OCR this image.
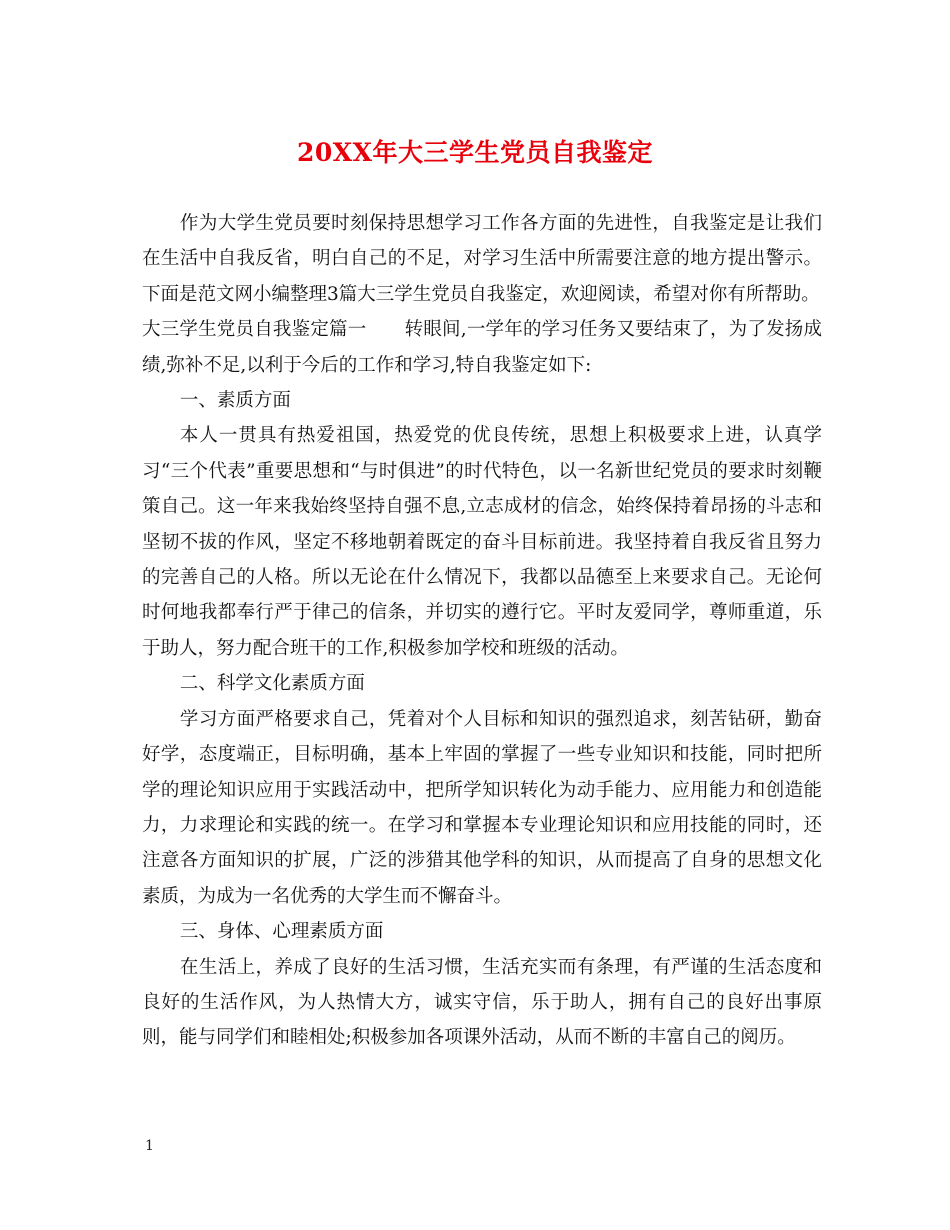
20XX年大三学生党员自我鉴定

作为大学生党员要时刻保持思想学习工作各方面的先进性，自我鉴定是让我们在生活中自我反省，明白自己的不足，对学习生活中所需要注意的地方提出警示。下面是范文网小编整理3篇大三学生党员自我鉴定，欢迎阅读，希望对你有所帮助。

大三学生党员自我鉴定篇一 转眼间,一学年的学习任务又要结束了，为了发扬成绩,弥补不足,以利于今后的工作和学习,特自我鉴定如下:

一、素质方面

本人一贯具有热爱祖国，热爱党的优良传统，思想上积极要求上进，认真学习“三个代表”重要思想和“与时俱进”的时代特色，以一名新世纪党员的要求时刻鞭策自己。这一年来我始终坚持自强不息,立志成材的信念，始终保持着昂扬的斗志和坚韧不拔的作风，坚定不移地朝着既定的奋斗目标前进。我坚持着自我反省且努力的完善自己的人格。所以无论在什么情况下，我都以品德至上来要求自己。无论何时何地我都奉行严于律己的信条，并切实的遵行它。平时友爱同学，尊师重道，乐于助人，努力配合班干的工作,积极参加学校和班级的活动。

二、科学文化素质方面

学习方面严格要求自己，凭着对个人目标和知识的强烈追求，刻苦钻研，勤奋好学，态度端正，目标明确，基本上牢固的掌握了一些专业知识和技能，同时把所学的理论知识应用于实践活动中，把所学知识转化为动手能力、应用能力和创造能力，力求理论和实践的统一。在学习和掌握本专业理论知识和应用技能的同时，还注意各方面知识的扩展，广泛的涉猎其他学科的知识，从而提高了自身的思想文化素质，为成为一名优秀的大学生而不懈奋斗。

三、身体、心理素质方面

在生活上，养成了良好的生活习惯，生活充实而有条理，有严谨的生活态度和良好的生活作风，为人热情大方，诚实守信，乐于助人，拥有自己的良好出事原则，能与同学们和睦相处;积极参加各项课外活动，从而不断的丰富自己的阅历。

1
